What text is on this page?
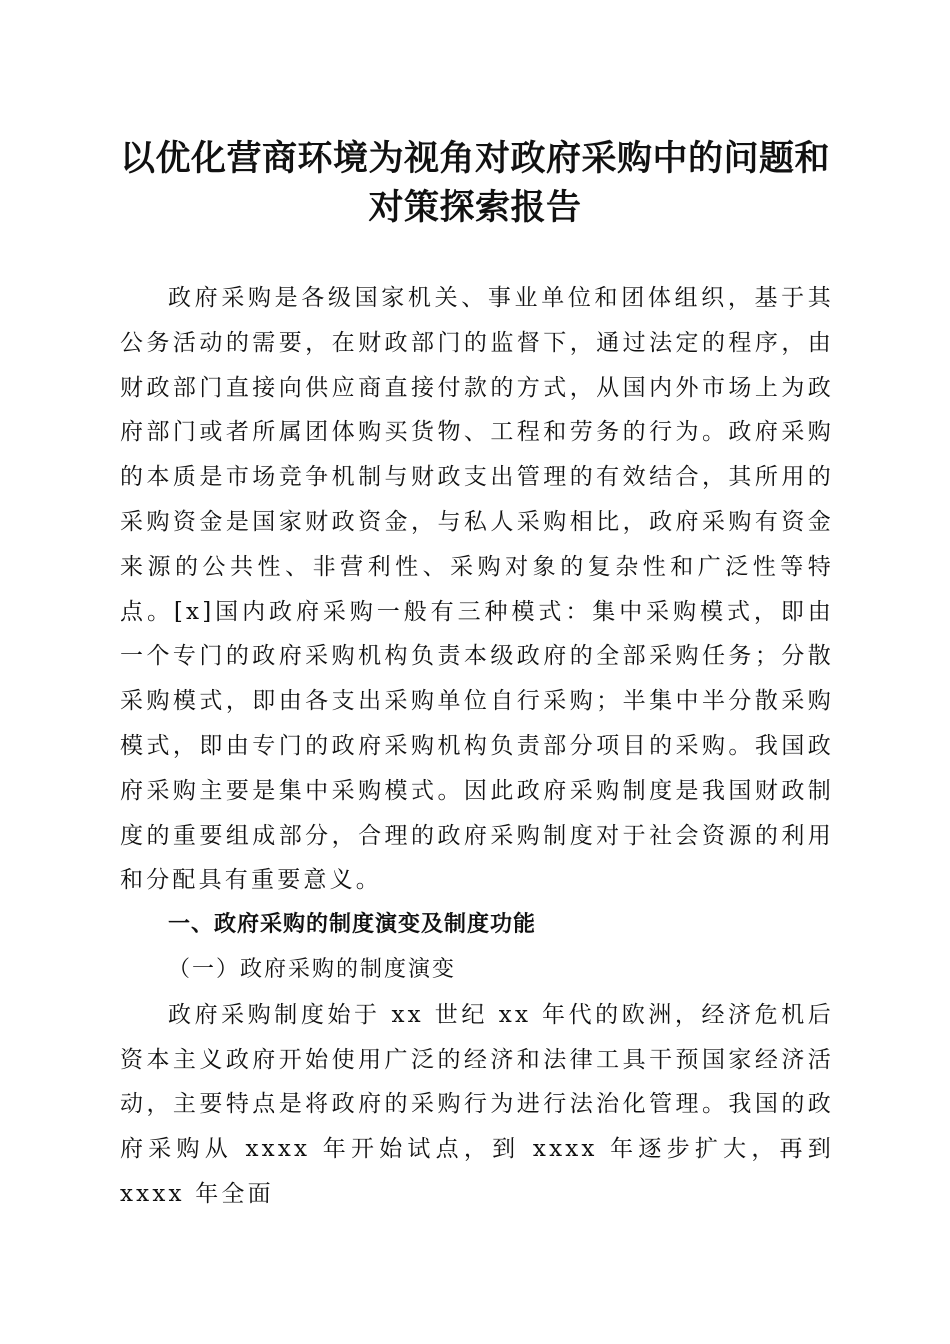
以优化营商环境为视角对政府采购中的问题和
对策探索报告

政府采购是各级国家机关、事业单位和团体组织，基于其公务活动的需要，在财政部门的监督下，通过法定的程序，由财政部门直接向供应商直接付款的方式，从国内外市场上为政府部门或者所属团体购买货物、工程和劳务的行为。政府采购的本质是市场竞争机制与财政支出管理的有效结合，其所用的采购资金是国家财政资金，与私人采购相比，政府采购有资金来源的公共性、非营利性、采购对象的复杂性和广泛性等特点。[x]国内政府采购一般有三种模式：集中采购模式，即由一个专门的政府采购机构负责本级政府的全部采购任务；分散采购模式，即由各支出采购单位自行采购；半集中半分散采购模式，即由专门的政府采购机构负责部分项目的采购。我国政府采购主要是集中采购模式。因此政府采购制度是我国财政制度的重要组成部分，合理的政府采购制度对于社会资源的利用和分配具有重要意义。

一、政府采购的制度演变及制度功能

（一）政府采购的制度演变

政府采购制度始于 xx 世纪 xx 年代的欧洲，经济危机后资本主义政府开始使用广泛的经济和法律工具干预国家经济活动，主要特点是将政府的采购行为进行法治化管理。我国的政府采购从 xxxx 年开始试点，到 xxxx 年逐步扩大，再到 xxxx 年全面
